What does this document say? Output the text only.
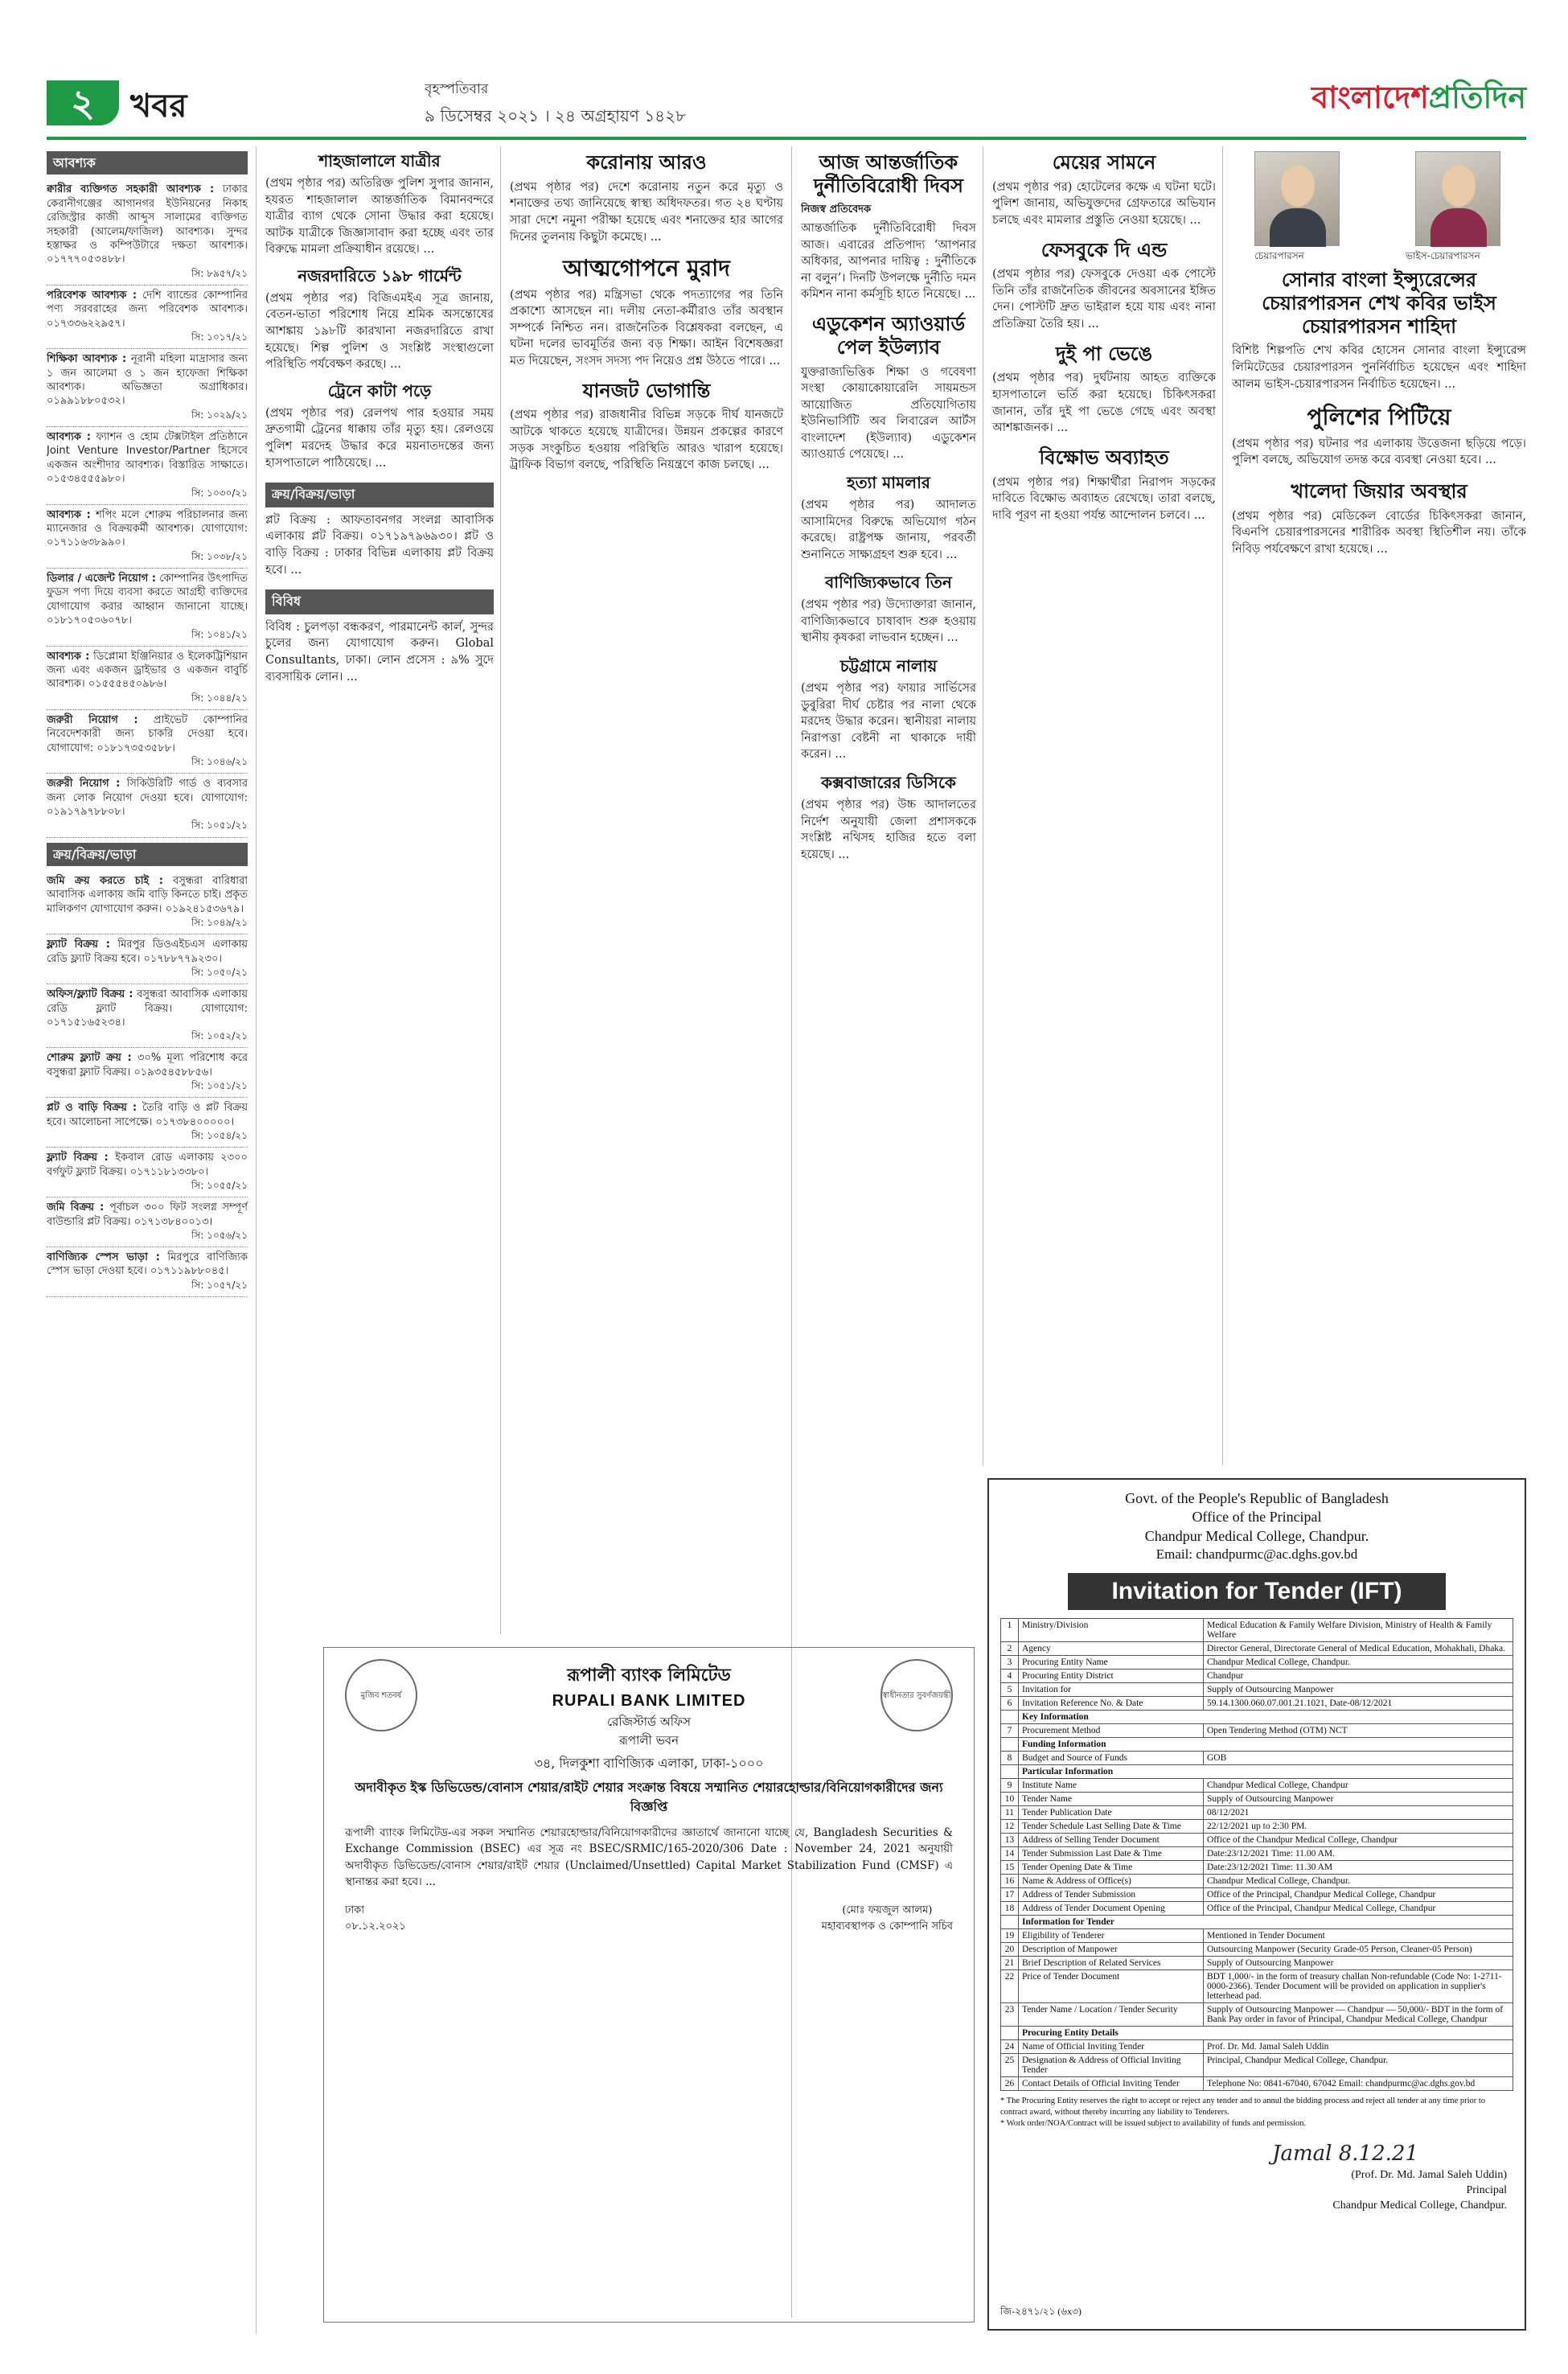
২	খবর	বৃহস্পতিবার
৯ ডিসেম্বর ২০২১ । ২৪ অগ্রহায়ণ ১৪২৮
বাংলাদেশপ্রতিদিন
আবশ্যক
ক্বারীর ব্যক্তিগত সহকারী আবশ্যক : ঢাকার কেরানীগঞ্জের আগানগর ইউনিয়নের নিকাহ রেজিস্ট্রার কাজী আব্দুস সালামের ব্যক্তিগত সহকারী (আলেম/ফাজিল) আবশ্যক। সুন্দর হস্তাক্ষর ও কম্পিউটারে দক্ষতা আবশ্যক। ০১৭৭৭০৫৩৪৮৮।
সি: ৮৯৫৭/২১
পরিবেশক আবশ্যক : দেশি ব্যান্ডের কোম্পানির পণ্য সরবরাহের জন্য পরিবেশক আবশ্যক। ০১৭৩৩৬২২৯৫৭।
সি: ১০১৭/২১
শিক্ষিকা আবশ্যক : নূরানী মহিলা মাদ্রাসার জন্য ১ জন আলেমা ও ১ জন হাফেজা শিক্ষিকা আবশ্যক। অভিজ্ঞতা অগ্রাধিকার। ০১৯৯১৮৮০৫৩২।
সি: ১০২৯/২১
আবশ্যক : ফ্যাশন ও হোম টেক্সটাইল প্রতিষ্ঠানে Joint Venture Investor/Partner হিসেবে একজন অংশীদার আবশ্যক। বিস্তারিত সাক্ষাতে। ০১৫৩৪৫৫৫৯৮০।
সি: ১০৩০/২১
আবশ্যক : শপিং মলে শোরুম পরিচালনার জন্য ম্যানেজার ও বিক্রয়কর্মী আবশ্যক। যোগাযোগ: ০১৭১১৬৩৮৯৯০।
সি: ১০৩৮/২১
ডিলার / এজেন্ট নিয়োগ : কোম্পানির উৎপাদিত ফুডস পণ্য দিয়ে ব্যবসা করতে আগ্রহী ব্যক্তিদের যোগাযোগ করার আহ্বান জানানো যাচ্ছে। ০১৮১৭০৫০৬০৭৮।
সি: ১০৪১/২১
আবশ্যক : ডিপ্লোমা ইঞ্জিনিয়ার ও ইলেকট্রিশিয়ান জন্য এবং একজন ড্রাইভার ও একজন বাবুর্চি আবশ্যক। ০১৫৫৫৪৫০৯৮৬।
সি: ১০৪৪/২১
জরুরী নিয়োগ : প্রাইভেট কোম্পানির নিবেদেশকারী জন্য চাকরি দেওয়া হবে। যোগাযোগ: ০১৮১৭৩৫৩৫৮৮।
সি: ১০৪৬/২১
জরুরী নিয়োগ : সিকিউরিটি গার্ড ও ব্যবসার জন্য লোক নিয়োগ দেওয়া হবে। যোগাযোগ: ০১৯১৭৯৭৮৮০৮।
সি: ১০৫১/২১
ক্রয়/বিক্রয়/ভাড়া
জমি ক্রয় করতে চাই : বসুন্ধরা বারিধারা আবাসিক এলাকায় জমি বাড়ি কিনতে চাই। প্রকৃত মালিকগণ যোগাযোগ করুন। ০১৯২৪১৫৩৬৭৯।
সি: ১০৪৯/২১
ফ্ল্যাট বিক্রয় : মিরপুর ডিওএইচএস এলাকায় রেডি ফ্ল্যাট বিক্রয় হবে। ০১৭৮৮৭৭৯২৩০।
সি: ১০৫০/২১
অফিস/ফ্ল্যাট বিক্রয় : বসুন্ধরা আবাসিক এলাকায় রেডি ফ্ল্যাট বিক্রয়। যোগাযোগ: ০১৭১৫১৬৫২৩৪।
সি: ১০৫২/২১
শোরুম ফ্ল্যাট ক্রয় : ৩০% মূল্য পরিশোধ করে বসুন্ধরা ফ্ল্যাট বিক্রয়। ০১৯৩৫৪৫৮৮৫৬।
সি: ১০৫১/২১
প্লট ও বাড়ি বিক্রয় : তৈরি বাড়ি ও প্লট বিক্রয় হবে। আলোচনা সাপেক্ষে। ০১৭৩৮৪০০০০০।
সি: ১০৫৪/২১
ফ্ল্যাট বিক্রয় : ইকবাল রোড এলাকায় ২৩০০ বর্গফুট ফ্ল্যাট বিক্রয়। ০১৭১১৮১৩৩৮০।
সি: ১০৫৫/২১
জমি বিক্রয় : পূর্বাচল ৩০০ ফিট সংলগ্ন সম্পূর্ণ বাউন্ডারি প্লট বিক্রয়। ০১৭১৩৮৪০০১৩।
সি: ১০৫৬/২১
বাণিজ্যিক স্পেস ভাড়া : মিরপুরে বাণিজ্যিক স্পেস ভাড়া দেওয়া হবে। ০১৭১১৯৮৮০৪৫।
সি: ১০৫৭/২১
শাহজালালে যাত্রীর

(প্রথম পৃষ্ঠার পর) অতিরিক্ত পুলিশ সুপার জানান, হযরত শাহজালাল আন্তর্জাতিক বিমানবন্দরে যাত্রীর ব্যাগ থেকে সোনা উদ্ধার করা হয়েছে। আটক যাত্রীকে জিজ্ঞাসাবাদ করা হচ্ছে এবং তার বিরুদ্ধে মামলা প্রক্রিয়াধীন রয়েছে। ...

নজরদারিতে ১৯৮ গার্মেন্ট

(প্রথম পৃষ্ঠার পর) বিজিএমইএ সূত্র জানায়, বেতন-ভাতা পরিশোধ নিয়ে শ্রমিক অসন্তোষের আশঙ্কায় ১৯৮টি কারখানা নজরদারিতে রাখা হয়েছে। শিল্প পুলিশ ও সংশ্লিষ্ট সংস্থাগুলো পরিস্থিতি পর্যবেক্ষণ করছে। ...

ট্রেনে কাটা পড়ে

(প্রথম পৃষ্ঠার পর) রেলপথ পার হওয়ার সময় দ্রুতগামী ট্রেনের ধাক্কায় তাঁর মৃত্যু হয়। রেলওয়ে পুলিশ মরদেহ উদ্ধার করে ময়নাতদন্তের জন্য হাসপাতালে পাঠিয়েছে। ...

ক্রয়/বিক্রয়/ভাড়া

প্লট বিক্রয় : আফতাবনগর সংলগ্ন আবাসিক এলাকায় প্লট বিক্রয়। ০১৭১৯৭৯৬৯৩০। প্লট ও বাড়ি বিক্রয় : ঢাকার বিভিন্ন এলাকায় প্লট বিক্রয় হবে। ...

বিবিধ

বিবিধ : চুলপড়া বন্ধকরণ, পারমানেন্ট কার্ল, সুন্দর চুলের জন্য যোগাযোগ করুন। Global Consultants, ঢাকা। লোন প্রসেস : ৯% সুদে ব্যবসায়িক লোন। ...

করোনায় আরও

(প্রথম পৃষ্ঠার পর) দেশে করোনায় নতুন করে মৃত্যু ও শনাক্তের তথ্য জানিয়েছে স্বাস্থ্য অধিদফতর। গত ২৪ ঘণ্টায় সারা দেশে নমুনা পরীক্ষা হয়েছে এবং শনাক্তের হার আগের দিনের তুলনায় কিছুটা কমেছে। ...

আত্মগোপনে মুরাদ

(প্রথম পৃষ্ঠার পর) মন্ত্রিসভা থেকে পদত্যাগের পর তিনি প্রকাশ্যে আসছেন না। দলীয় নেতা-কর্মীরাও তাঁর অবস্থান সম্পর্কে নিশ্চিত নন। রাজনৈতিক বিশ্লেষকরা বলছেন, এ ঘটনা দলের ভাবমূর্তির জন্য বড় শিক্ষা। আইন বিশেষজ্ঞরা মত দিয়েছেন, সংসদ সদস্য পদ নিয়েও প্রশ্ন উঠতে পারে। ...

যানজট ভোগান্তি

(প্রথম পৃষ্ঠার পর) রাজধানীর বিভিন্ন সড়কে দীর্ঘ যানজটে আটকে থাকতে হয়েছে যাত্রীদের। উন্নয়ন প্রকল্পের কারণে সড়ক সংকুচিত হওয়ায় পরিস্থিতি আরও খারাপ হয়েছে। ট্রাফিক বিভাগ বলছে, পরিস্থিতি নিয়ন্ত্রণে কাজ চলছে। ...

আজ আন্তর্জাতিক দুর্নীতিবিরোধী দিবস
নিজস্ব প্রতিবেদক

আন্তর্জাতিক দুর্নীতিবিরোধী দিবস আজ। এবারের প্রতিপাদ্য ‘আপনার অধিকার, আপনার দায়িত্ব : দুর্নীতিকে না বলুন’। দিনটি উপলক্ষে দুর্নীতি দমন কমিশন নানা কর্মসূচি হাতে নিয়েছে। ...

এডুকেশন অ্যাওয়ার্ড পেল ইউল্যাব

যুক্তরাজ্যভিত্তিক শিক্ষা ও গবেষণা সংস্থা কোয়াকোয়ারেলি সায়মন্ডস আয়োজিত প্রতিযোগিতায় ইউনিভার্সিটি অব লিবারেল আর্টস বাংলাদেশ (ইউল্যাব) এডুকেশন অ্যাওয়ার্ড পেয়েছে। ...

হত্যা মামলার

(প্রথম পৃষ্ঠার পর) আদালত আসামিদের বিরুদ্ধে অভিযোগ গঠন করেছে। রাষ্ট্রপক্ষ জানায়, পরবর্তী শুনানিতে সাক্ষ্যগ্রহণ শুরু হবে। ...

বাণিজ্যিকভাবে তিন

(প্রথম পৃষ্ঠার পর) উদ্যোক্তারা জানান, বাণিজ্যিকভাবে চাষাবাদ শুরু হওয়ায় স্থানীয় কৃষকরা লাভবান হচ্ছেন। ...

চট্টগ্রামে নালায়

(প্রথম পৃষ্ঠার পর) ফায়ার সার্ভিসের ডুবুরিরা দীর্ঘ চেষ্টার পর নালা থেকে মরদেহ উদ্ধার করেন। স্থানীয়রা নালায় নিরাপত্তা বেষ্টনী না থাকাকে দায়ী করেন। ...

কক্সবাজারের ডিসিকে

(প্রথম পৃষ্ঠার পর) উচ্চ আদালতের নির্দেশ অনুযায়ী জেলা প্রশাসককে সংশ্লিষ্ট নথিসহ হাজির হতে বলা হয়েছে। ...

মেয়ের সামনে

(প্রথম পৃষ্ঠার পর) হোটেলের কক্ষে এ ঘটনা ঘটে। পুলিশ জানায়, অভিযুক্তদের গ্রেফতারে অভিযান চলছে এবং মামলার প্রস্তুতি নেওয়া হয়েছে। ...

ফেসবুকে দি এন্ড

(প্রথম পৃষ্ঠার পর) ফেসবুকে দেওয়া এক পোস্টে তিনি তাঁর রাজনৈতিক জীবনের অবসানের ইঙ্গিত দেন। পোস্টটি দ্রুত ভাইরাল হয়ে যায় এবং নানা প্রতিক্রিয়া তৈরি হয়। ...

দুই পা ভেঙে

(প্রথম পৃষ্ঠার পর) দুর্ঘটনায় আহত ব্যক্তিকে হাসপাতালে ভর্তি করা হয়েছে। চিকিৎসকরা জানান, তাঁর দুই পা ভেঙে গেছে এবং অবস্থা আশঙ্কাজনক। ...

বিক্ষোভ অব্যাহত

(প্রথম পৃষ্ঠার পর) শিক্ষার্থীরা নিরাপদ সড়কের দাবিতে বিক্ষোভ অব্যাহত রেখেছে। তারা বলছে, দাবি পূরণ না হওয়া পর্যন্ত আন্দোলন চলবে। ...

চেয়ারপারসন	ভাইস-চেয়ারপারসন
সোনার বাংলা ইন্স্যুরেন্সের চেয়ারপারসন শেখ কবির ভাইস চেয়ারপারসন শাহিদা

বিশিষ্ট শিল্পপতি শেখ কবির হোসেন সোনার বাংলা ইন্স্যুরেন্স লিমিটেডের চেয়ারপারসন পুনর্নির্বাচিত হয়েছেন এবং শাহিদা আলম ভাইস-চেয়ারপারসন নির্বাচিত হয়েছেন। ...

পুলিশের পিটিয়ে

(প্রথম পৃষ্ঠার পর) ঘটনার পর এলাকায় উত্তেজনা ছড়িয়ে পড়ে। পুলিশ বলছে, অভিযোগ তদন্ত করে ব্যবস্থা নেওয়া হবে। ...

খালেদা জিয়ার অবস্থার

(প্রথম পৃষ্ঠার পর) মেডিকেল বোর্ডের চিকিৎসকরা জানান, বিএনপি চেয়ারপারসনের শারীরিক অবস্থা স্থিতিশীল নয়। তাঁকে নিবিড় পর্যবেক্ষণে রাখা হয়েছে। ...

মুজিব শতবর্ষ	স্বাধীনতার সুবর্ণজয়ন্তী
রূপালী ব্যাংক লিমিটেড
RUPALI BANK LIMITED
রেজিস্টার্ড অফিস
রূপালী ভবন
৩৪, দিলকুশা বাণিজ্যিক এলাকা, ঢাকা-১০০০
অদাবীকৃত ইস্ক ডিভিডেন্ড/বোনাস শেয়ার/রাইট শেয়ার সংক্রান্ত বিষয়ে সম্মানিত শেয়ারহোল্ডার/বিনিয়োগকারীদের জন্য বিজ্ঞপ্তি
রূপালী ব্যাংক লিমিটেড-এর সকল সম্মানিত শেয়ারহোল্ডার/বিনিয়োগকারীদের জ্ঞাতার্থে জানানো যাচ্ছে যে, Bangladesh Securities & Exchange Commission (BSEC) এর সূত্র নং BSEC/SRMIC/165-2020/306 Date : November 24, 2021 অনুযায়ী অদাবীকৃত ডিভিডেন্ড/বোনাস শেয়ার/রাইট শেয়ার (Unclaimed/Unsettled) Capital Market Stabilization Fund (CMSF) এ স্থানান্তর করা হবে। ...
ঢাকা
০৮.১২.২০২১
(মোঃ ফয়জুল আলম)
মহাব্যবস্থাপক ও কোম্পানি সচিব
Govt. of the People's Republic of Bangladesh
Office of the Principal
Chandpur Medical College, Chandpur.
Email: chandpurmc@ac.dghs.gov.bd
Invitation for Tender (IFT)
1	Ministry/Division	Medical Education & Family Welfare Division, Ministry of Health & Family Welfare
2	Agency	Director General, Directorate General of Medical Education, Mohakhali, Dhaka.
3	Procuring Entity Name	Chandpur Medical College, Chandpur.
4	Procuring Entity District	Chandpur
5	Invitation for	Supply of Outsourcing Manpower
6	Invitation Reference No. & Date	59.14.1300.060.07.001.21.1021, Date-08/12/2021
	Key Information	
7	Procurement Method	Open Tendering Method (OTM) NCT
	Funding Information	
8	Budget and Source of Funds	GOB
	Particular Information	
9	Institute Name	Chandpur Medical College, Chandpur
10	Tender Name	Supply of Outsourcing Manpower
11	Tender Publication Date	08/12/2021
12	Tender Schedule Last Selling Date & Time	22/12/2021 up to 2:30 PM.
13	Address of Selling Tender Document	Office of the Chandpur Medical College, Chandpur
14	Tender Submission Last Date & Time	Date:23/12/2021 Time: 11.00 AM.
15	Tender Opening Date & Time	Date:23/12/2021 Time: 11.30 AM
16	Name & Address of Office(s)	Chandpur Medical College, Chandpur.
17	Address of Tender Submission	Office of the Principal, Chandpur Medical College, Chandpur
18	Address of Tender Document Opening	Office of the Principal, Chandpur Medical College, Chandpur
	Information for Tender	
19	Eligibility of Tenderer	Mentioned in Tender Document
20	Description of Manpower	Outsourcing Manpower (Security Grade-05 Person, Cleaner-05 Person)
21	Brief Description of Related Services	Supply of Outsourcing Manpower
22	Price of Tender Document	BDT 1,000/- in the form of treasury challan Non-refundable (Code No: 1-2711-0000-2366). Tender Document will be provided on application in supplier's letterhead pad.
23	Tender Name / Location / Tender Security	Supply of Outsourcing Manpower — Chandpur — 50,000/- BDT in the form of Bank Pay order in favor of Principal, Chandpur Medical College, Chandpur
	Procuring Entity Details	
24	Name of Official Inviting Tender	Prof. Dr. Md. Jamal Saleh Uddin
25	Designation & Address of Official Inviting Tender	Principal, Chandpur Medical College, Chandpur.
26	Contact Details of Official Inviting Tender	Telephone No: 0841-67040, 67042 Email: chandpurmc@ac.dghs.gov.bd
* The Procuring Entity reserves the right to accept or reject any tender and to annul the bidding process and reject all tender at any time prior to contract award, without thereby incurring any liability to Tenderers.
* Work order/NOA/Contract will be issued subject to availability of funds and permission.
Jamal 8.12.21
(Prof. Dr. Md. Jamal Saleh Uddin)
Principal
Chandpur Medical College, Chandpur.
জি-২৪৭১/২১ (৬x৩)
